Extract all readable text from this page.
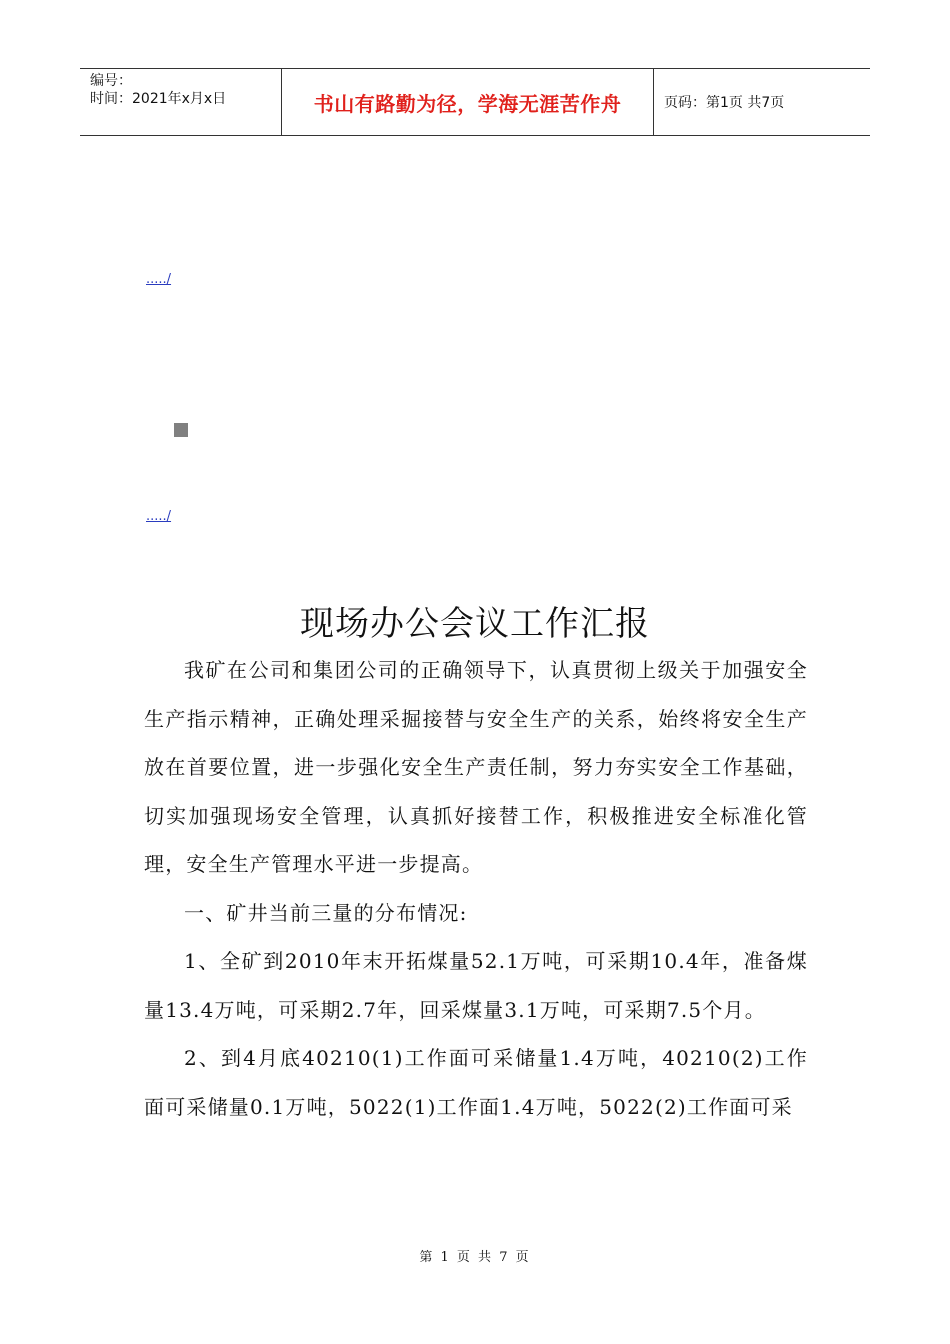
编号：
时间：2021年x月x日	书山有路勤为径，学海无涯苦作舟	页码：第1页 共7页
...../
...../
现场办公会议工作汇报

我矿在公司和集团公司的正确领导下，认真贯彻上级关于加强安全生产指示精神，正确处理采掘接替与安全生产的关系，始终将安全生产放在首要位置，进一步强化安全生产责任制，努力夯实安全工作基础，切实加强现场安全管理，认真抓好接替工作，积极推进安全标准化管理，安全生产管理水平进一步提高。

一、矿井当前三量的分布情况:

1、全矿到2010年末开拓煤量52.1万吨，可采期10.4年，准备煤量13.4万吨，可采期2.7年，回采煤量3.1万吨，可采期7.5个月。

2、到4月底40210(1)工作面可采储量1.4万吨，40210(2)工作面可采储量0.1万吨，5022(1)工作面1.4万吨，5022(2)工作面可采

第 1 页 共 7 页
